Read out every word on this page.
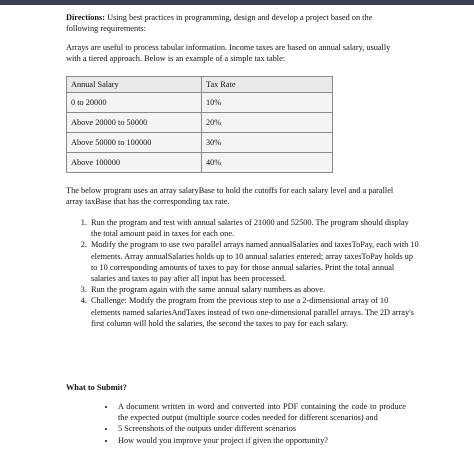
Directions: Using best practices in programming, design and develop a project based on the following requirements:

Arrays are useful to process tabular information. Income taxes are based on annual salary, usually with a tiered approach. Below is an example of a simple tax table:

Annual Salary	Tax Rate
0 to 20000	10%
Above 20000 to 50000	20%
Above 50000 to 100000	30%
Above 100000	40%

The below program uses an array salaryBase to hold the cutoffs for each salary level and a parallel array taxBase that has the corresponding tax rate.

1. Run the program and test with annual salaries of 21000 and 52500. The program should display the total amount paid in taxes for each one.
2. Modify the program to use two parallel arrays named annualSalaries and taxesToPay, each with 10 elements. Array annualSalaries holds up to 10 annual salaries entered; array taxesToPay holds up to 10 corresponding amounts of taxes to pay for those annual salaries. Print the total annual salaries and taxes to pay after all input has been processed.
3. Run the program again with the same annual salary numbers as above.
4. Challenge: Modify the program from the previous step to use a 2-dimensional array of 10 elements named salariesAndTaxes instead of two one-dimensional parallel arrays. The 2D array's first column will hold the salaries, the second the taxes to pay for each salary.

What to Submit?

• A document written in word and converted into PDF containing the code to produce the expected output (multiple source codes needed for different scenarios) and
• 5 Screenshots of the outputs under different scenarios
• How would you improve your project if given the opportunity?
